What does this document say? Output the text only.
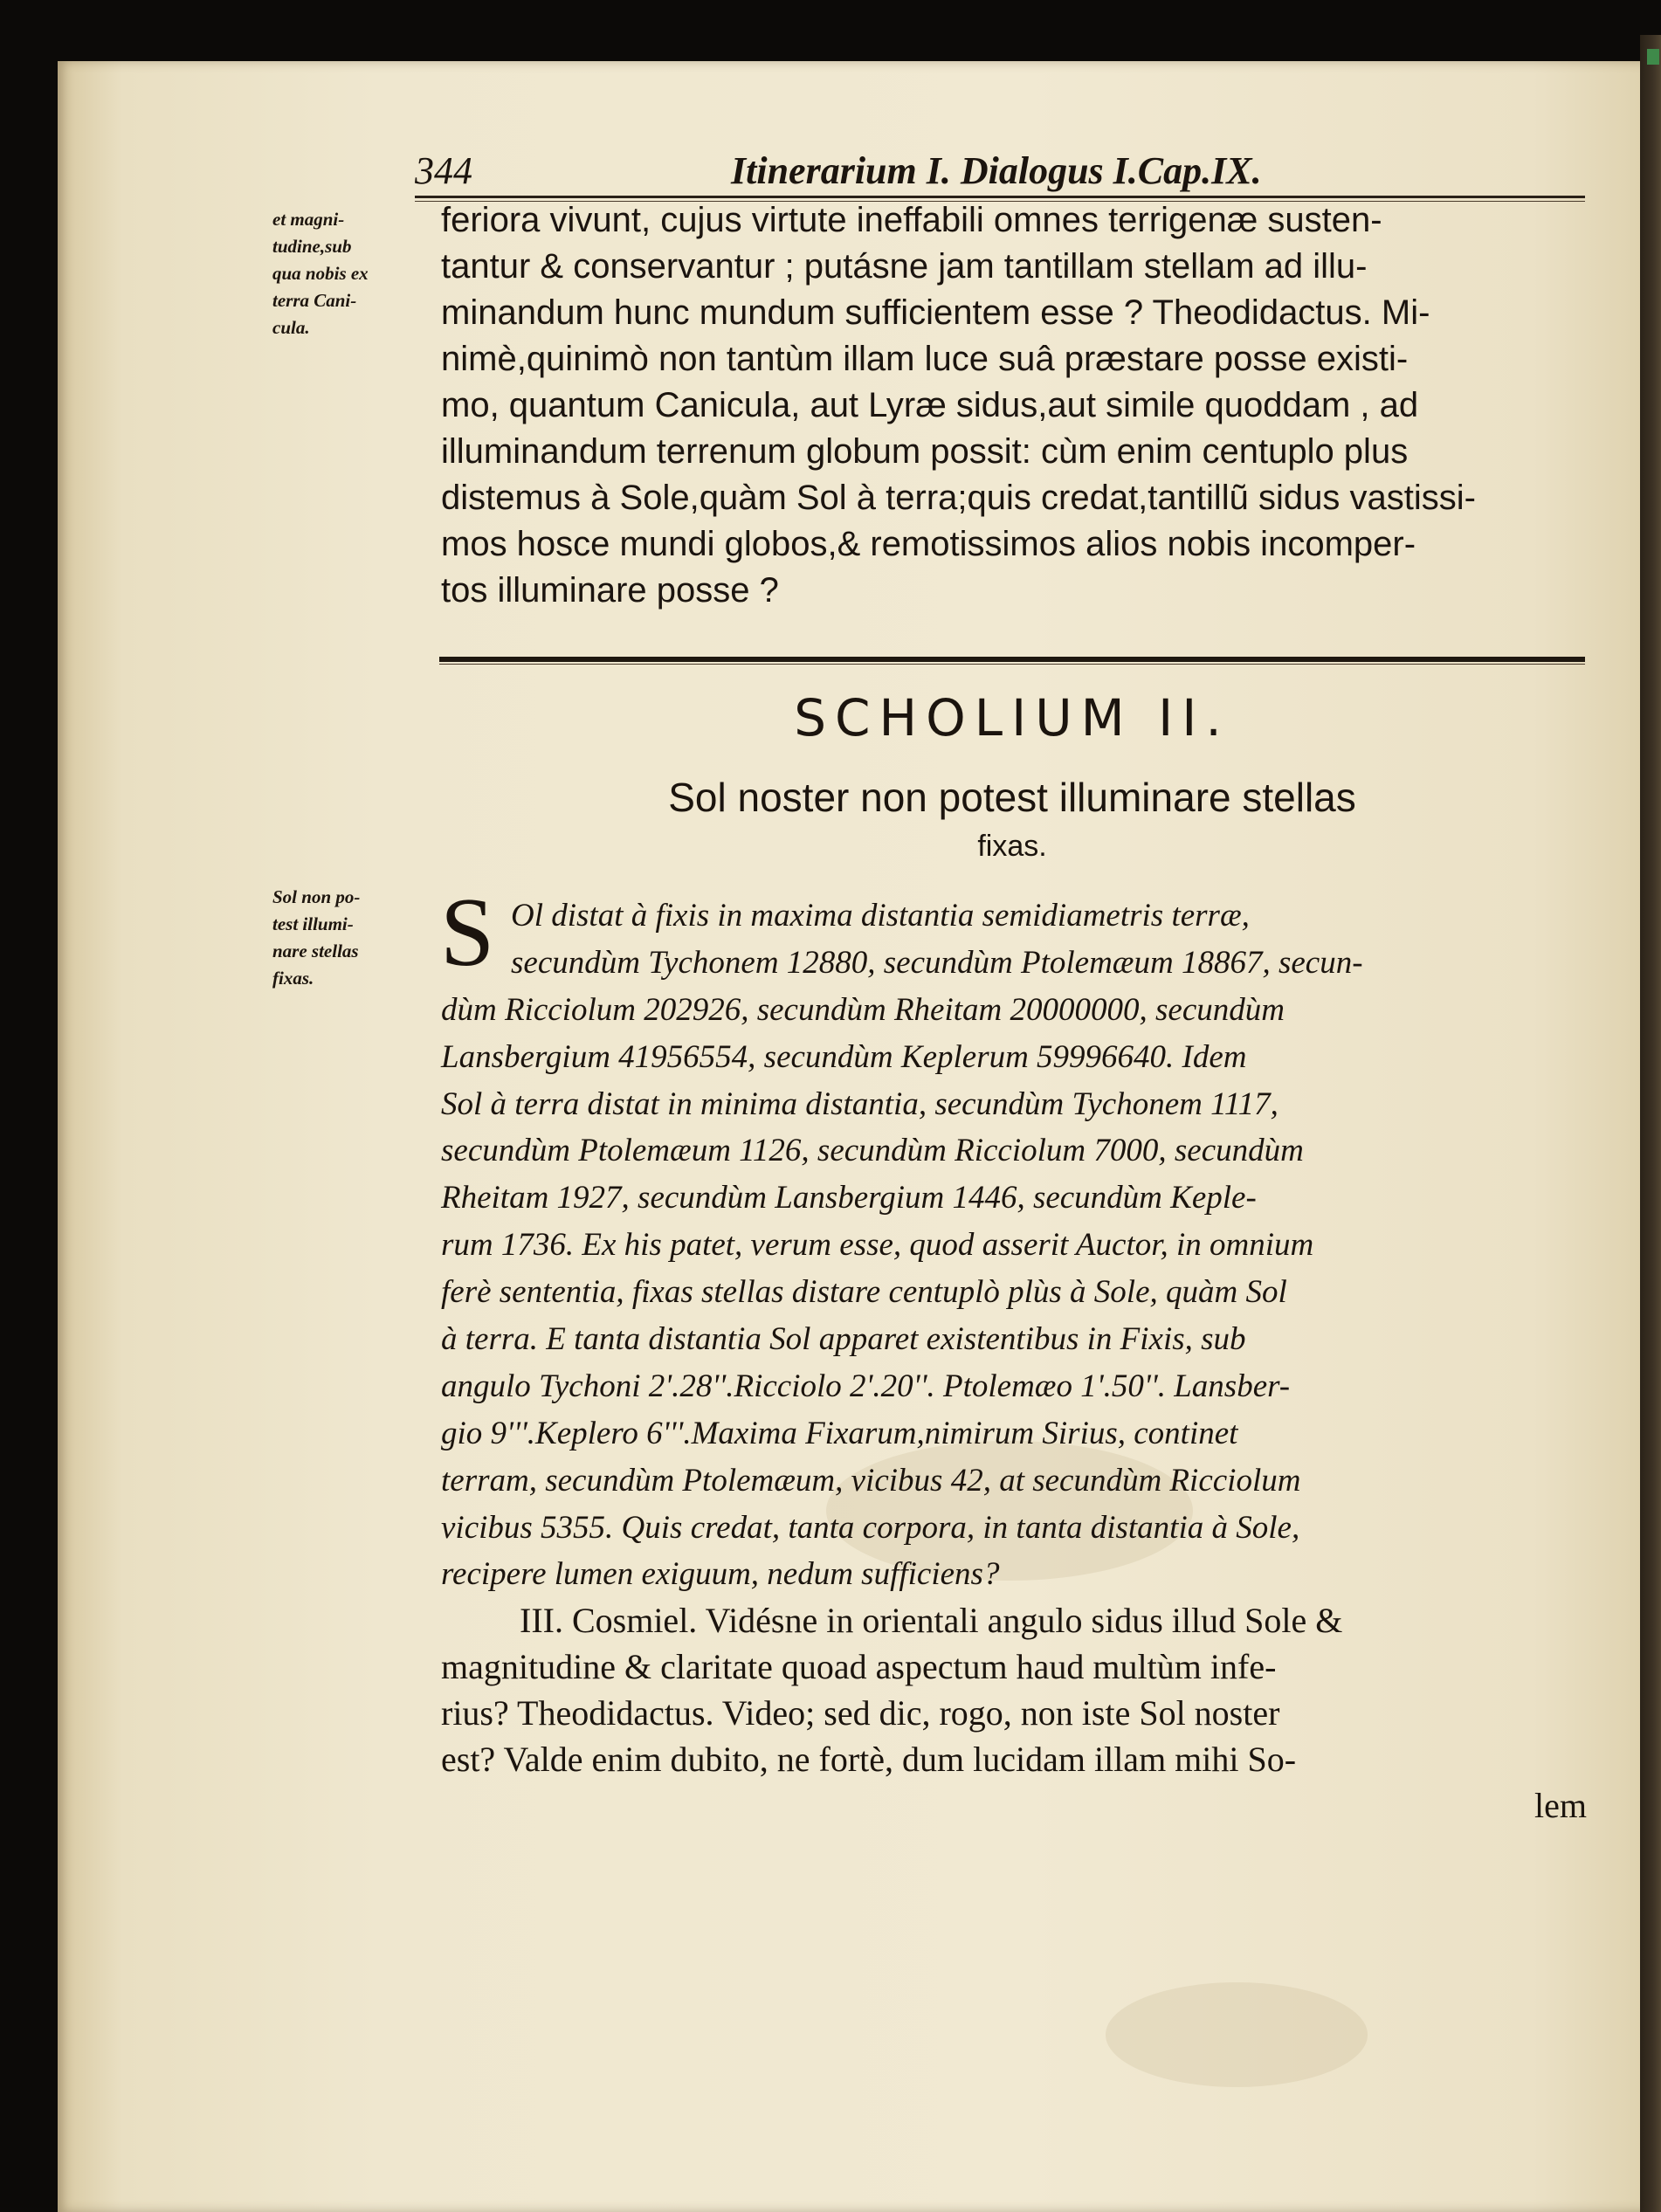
344	Itinerarium I. Dialogus I.Cap.IX.
et magni-
tudine,sub
qua nobis ex
terra Cani-
cula.
feriora vivunt, cujus virtute ineffabili omnes terrigenæ susten-
tantur & conservantur ; putásne jam tantillam stellam ad illu-
minandum hunc mundum sufficientem esse ? Theodidactus. Mi-
nimè,quinimò non tantùm illam luce suâ præstare posse existi-
mo, quantum Canicula, aut Lyræ sidus,aut simile quoddam , ad
illuminandum terrenum globum possit: cùm enim centuplo plus
distemus à Sole,quàm Sol à terra;quis credat,tantillũ sidus vastissi-
mos hosce mundi globos,& remotissimos alios nobis incomper-
tos illuminare posse ?
SCHOLIUM II.
Sol noster non potest illuminare stellas
fixas.
Sol non po-
test illumi-
nare stellas
fixas.	S Ol distat à fixis in maxima distantia semidiametris terræ,
secundùm Tychonem 12880, secundùm Ptolemæum 18867, secun-
dùm Ricciolum 202926, secundùm Rheitam 20000000, secundùm
Lansbergium 41956554, secundùm Keplerum 59996640. Idem
Sol à terra distat in minima distantia, secundùm Tychonem 1117,
secundùm Ptolemæum 1126, secundùm Ricciolum 7000, secundùm
Rheitam 1927, secundùm Lansbergium 1446, secundùm Keple-
rum 1736. Ex his patet, verum esse, quod asserit Auctor, in omnium
ferè sententia, fixas stellas distare centuplò plùs à Sole, quàm Sol
à terra. E tanta distantia Sol apparet existentibus in Fixis, sub
angulo Tychoni 2'.28''.Ricciolo 2'.20''. Ptolemæo 1'.50''. Lansber-
gio 9'''.Keplero 6'''.Maxima Fixarum,nimirum Sirius, continet
terram, secundùm Ptolemæum, vicibus 42, at secundùm Ricciolum
vicibus 5355. Quis credat, tanta corpora, in tanta distantia à Sole,
recipere lumen exiguum, nedum sufficiens?
III. Cosmiel. Vidésne in orientali angulo sidus illud Sole &
magnitudine & claritate quoad aspectum haud multùm infe-
rius? Theodidactus. Video; sed dic, rogo, non iste Sol noster
est? Valde enim dubito, ne fortè, dum lucidam illam mihi So-
lem
